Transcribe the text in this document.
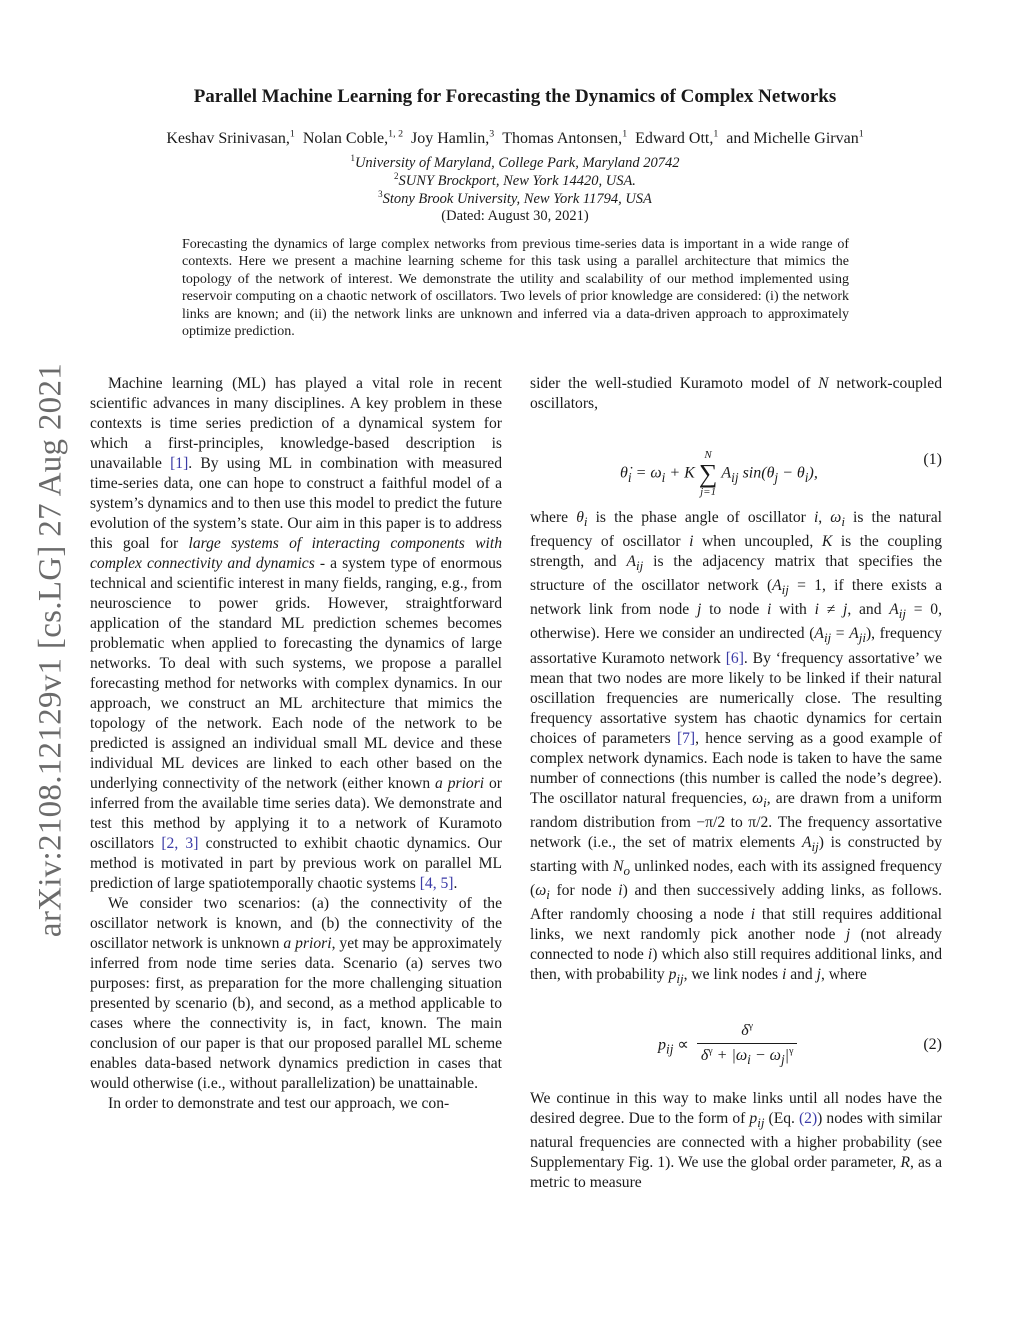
arXiv:2108.12129v1 [cs.LG] 27 Aug 2021
Parallel Machine Learning for Forecasting the Dynamics of Complex Networks
Keshav Srinivasan,$^1$ Nolan Coble,$^{1, 2}$ Joy Hamlin,$^3$ Thomas Antonsen,$^1$ Edward Ott,$^1$ and Michelle Girvan$^1$
$^1$University of Maryland, College Park, Maryland 20742
$^2$SUNY Brockport, New York 14420, USA.
$^3$Stony Brook University, New York 11794, USA
(Dated: August 30, 2021)
Forecasting the dynamics of large complex networks from previous time-series data is important in a wide range of contexts. Here we present a machine learning scheme for this task using a parallel architecture that mimics the topology of the network of interest. We demonstrate the utility and scalability of our method implemented using reservoir computing on a chaotic network of oscillators. Two levels of prior knowledge are considered: (i) the network links are known; and (ii) the network links are unknown and inferred via a data-driven approach to approximately optimize prediction.

Machine learning (ML) has played a vital role in recent scientific advances in many disciplines. A key problem in these contexts is time series prediction of a dynamical system for which a first-principles, knowledge-based description is unavailable [1]. By using ML in combination with measured time-series data, one can hope to construct a faithful model of a system’s dynamics and to then use this model to predict the future evolution of the system’s state. Our aim in this paper is to address this goal for large systems of interacting components with complex connectivity and dynamics - a system type of enormous technical and scientific interest in many fields, ranging, e.g., from neuroscience to power grids. However, straightforward application of the standard ML prediction schemes becomes problematic when applied to forecasting the dynamics of large networks. To deal with such systems, we propose a parallel forecasting method for networks with complex dynamics. In our approach, we construct an ML architecture that mimics the topology of the network. Each node of the network to be predicted is assigned an individual small ML device and these individual ML devices are linked to each other based on the underlying connectivity of the network (either known a priori or inferred from the available time series data). We demonstrate and test this method by applying it to a network of Kuramoto oscillators [2, 3] constructed to exhibit chaotic dynamics. Our method is motivated in part by previous work on parallel ML prediction of large spatiotemporally chaotic systems [4, 5].

We consider two scenarios: (a) the connectivity of the oscillator network is known, and (b) the connectivity of the oscillator network is unknown a priori, yet may be approximately inferred from node time series data. Scenario (a) serves two purposes: first, as preparation for the more challenging situation presented by scenario (b), and second, as a method applicable to cases where the connectivity is, in fact, known. The main conclusion of our paper is that our proposed parallel ML scheme enables data-based network dynamics prediction in cases that would otherwise (i.e., without parallelization) be unattainable.

In order to demonstrate and test our approach, we con-

sider the well-studied Kuramoto model of N network-coupled oscillators,

$\thetȧ_i = \omega_i + K$
N
∑
j=1
$A_{ij}$ $\sin(\theta_j - \theta_i)$,
(1)

where $\theta_i$ is the phase angle of oscillator i, $\omega_i$ is the natural frequency of oscillator i when uncoupled, K is the coupling strength, and $A_{ij}$ is the adjacency matrix that specifies the structure of the oscillator network ($A_{ij} = 1$, if there exists a network link from node j to node i with i ≠ j, and $A_{ij} = 0$, otherwise). Here we consider an undirected $(A_{ij} = A_{ji})$, frequency assortative Kuramoto network [6]. By ‘frequency assortative’ we mean that two nodes are more likely to be linked if their natural oscillation frequencies are numerically close. The resulting frequency assortative system has chaotic dynamics for certain choices of parameters [7], hence serving as a good example of complex network dynamics. Each node is taken to have the same number of connections (this number is called the node’s degree). The oscillator natural frequencies, $\omega_i$, are drawn from a uniform random distribution from −π/2 to π/2. The frequency assortative network (i.e., the set of matrix elements $A_{ij}$) is constructed by starting with $N_o$ unlinked nodes, each with its assigned frequency ($\omega_i$ for node i) and then successively adding links, as follows. After randomly choosing a node i that still requires additional links, we next randomly pick another node j (not already connected to node i) which also still requires additional links, and then, with probability $p_{ij}$, we link nodes i and j, where

$p_{ij} \propto \frac{\delta^\gamma}{\delta^\gamma + |\omega_i - \omega_j|^\gamma}$	(2)

We continue in this way to make links until all nodes have the desired degree. Due to the form of $p_{ij}$ (Eq. (2)) nodes with similar natural frequencies are connected with a higher probability (see Supplementary Fig. 1). We use the global order parameter, R, as a metric to measure
